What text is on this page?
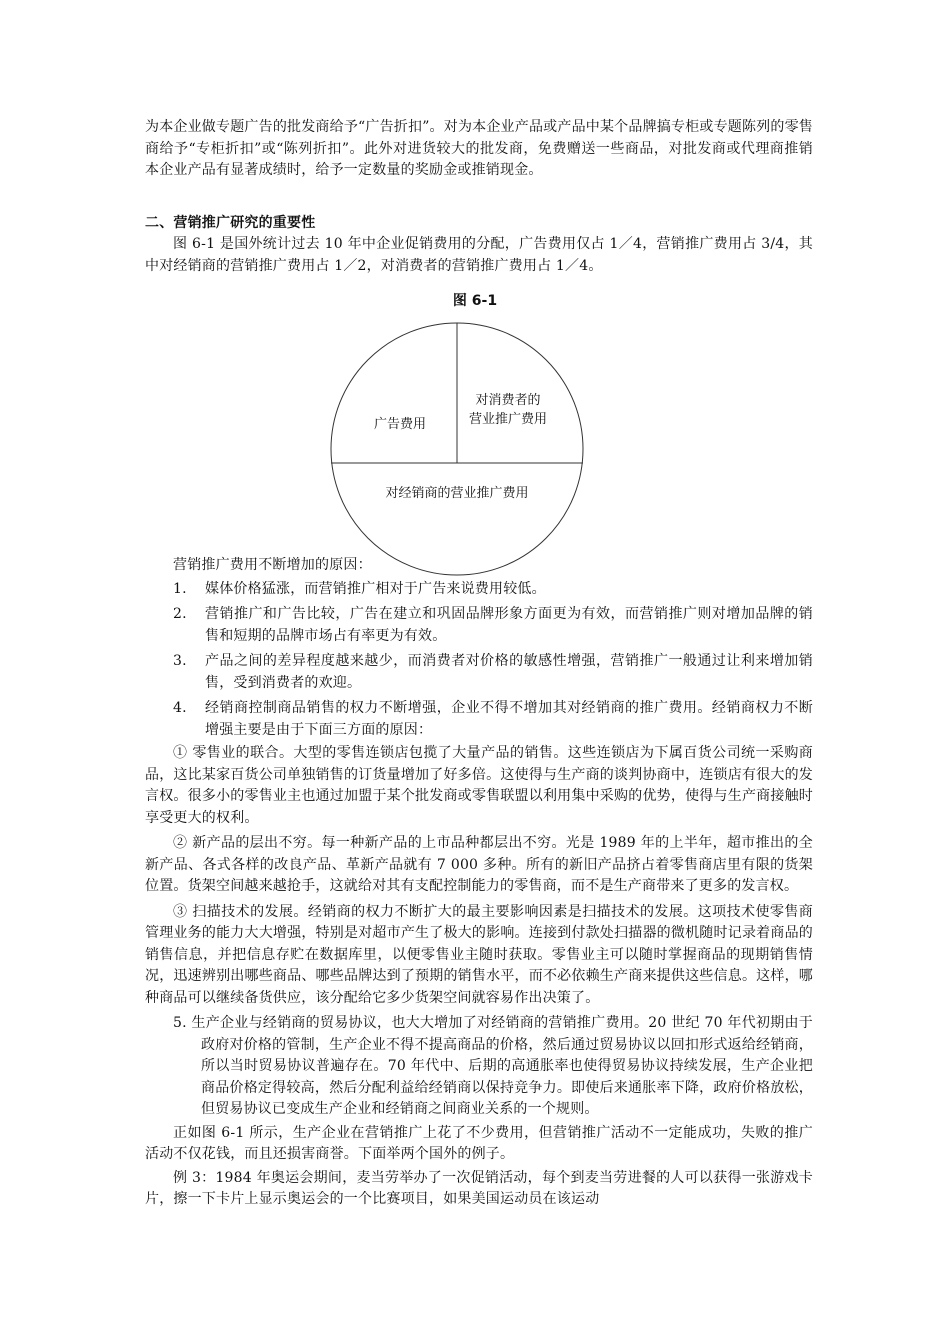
为本企业做专题广告的批发商给予“广告折扣”。对为本企业产品或产品中某个品牌搞专柜或专题陈列的零售商给予“专柜折扣”或“陈列折扣”。此外对进货较大的批发商，免费赠送一些商品，对批发商或代理商推销本企业产品有显著成绩时，给予一定数量的奖励金或推销现金。

二、营销推广研究的重要性

图 6-1 是国外统计过去 10 年中企业促销费用的分配，广告费用仅占 1／4，营销推广费用占 3/4，其中对经销商的营销推广费用占 1／2，对消费者的营销推广费用占 1／4。

图 6-1
广告费用
对消费者的
营业推广费用
对经销商的营业推广费用

营销推广费用不断增加的原因：

1. 媒体价格猛涨，而营销推广相对于广告来说费用较低。
2. 营销推广和广告比较，广告在建立和巩固品牌形象方面更为有效，而营销推广则对增加品牌的销售和短期的品牌市场占有率更为有效。
3. 产品之间的差异程度越来越少，而消费者对价格的敏感性增强，营销推广一般通过让利来增加销售，受到消费者的欢迎。
4. 经销商控制商品销售的权力不断增强，企业不得不增加其对经销商的推广费用。经销商权力不断增强主要是由于下面三方面的原因：

① 零售业的联合。大型的零售连锁店包揽了大量产品的销售。这些连锁店为下属百货公司统一采购商品，这比某家百货公司单独销售的订货量增加了好多倍。这使得与生产商的谈判协商中，连锁店有很大的发言权。很多小的零售业主也通过加盟于某个批发商或零售联盟以利用集中采购的优势，使得与生产商接触时享受更大的权利。

② 新产品的层出不穷。每一种新产品的上市品种都层出不穷。光是 1989 年的上半年，超市推出的全新产品、各式各样的改良产品、革新产品就有 7 000 多种。所有的新旧产品挤占着零售商店里有限的货架位置。货架空间越来越抢手，这就给对其有支配控制能力的零售商，而不是生产商带来了更多的发言权。

③ 扫描技术的发展。经销商的权力不断扩大的最主要影响因素是扫描技术的发展。这项技术使零售商管理业务的能力大大增强，特别是对超市产生了极大的影响。连接到付款处扫描器的微机随时记录着商品的销售信息，并把信息存贮在数据库里，以便零售业主随时获取。零售业主可以随时掌握商品的现期销售情况，迅速辨别出哪些商品、哪些品牌达到了预期的销售水平，而不必依赖生产商来提供这些信息。这样，哪种商品可以继续备货供应，该分配给它多少货架空间就容易作出决策了。

5. 生产企业与经销商的贸易协议，也大大增加了对经销商的营销推广费用。20 世纪 70 年代初期由于政府对价格的管制，生产企业不得不提高商品的价格，然后通过贸易协议以回扣形式返给经销商，所以当时贸易协议普遍存在。70 年代中、后期的高通胀率也使得贸易协议持续发展，生产企业把商品价格定得较高，然后分配利益给经销商以保持竞争力。即使后来通胀率下降，政府价格放松，但贸易协议已变成生产企业和经销商之间商业关系的一个规则。

正如图 6-1 所示，生产企业在营销推广上花了不少费用，但营销推广活动不一定能成功，失败的推广活动不仅花钱，而且还损害商誉。下面举两个国外的例子。

例 3：1984 年奥运会期间，麦当劳举办了一次促销活动，每个到麦当劳进餐的人可以获得一张游戏卡片，擦一下卡片上显示奥运会的一个比赛项目，如果美国运动员在该运动
